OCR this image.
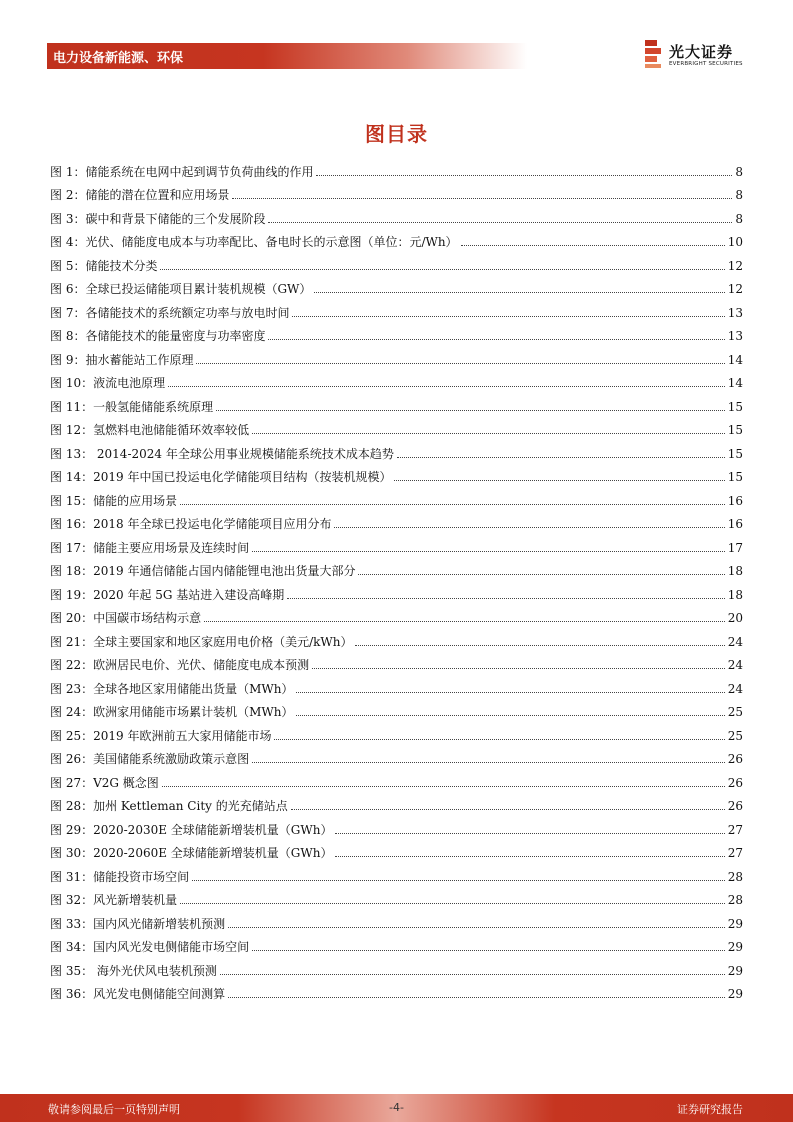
电力设备新能源、环保	光大证券
EVERBRIGHT SECURITIES
图目录
图 1：储能系统在电网中起到调节负荷曲线的作用	8
图 2：储能的潜在位置和应用场景	8
图 3：碳中和背景下储能的三个发展阶段	8
图 4：光伏、储能度电成本与功率配比、备电时长的示意图（单位：元/Wh）	10
图 5：储能技术分类	12
图 6：全球已投运储能项目累计装机规模（GW）	12
图 7：各储能技术的系统额定功率与放电时间	13
图 8：各储能技术的能量密度与功率密度	13
图 9：抽水蓄能站工作原理	14
图 10：液流电池原理	14
图 11：一般氢能储能系统原理	15
图 12：氢燃料电池储能循环效率较低	15
图 13： 2014-2024 年全球公用事业规模储能系统技术成本趋势	15
图 14：2019 年中国已投运电化学储能项目结构（按装机规模）	15
图 15：储能的应用场景	16
图 16：2018 年全球已投运电化学储能项目应用分布	16
图 17：储能主要应用场景及连续时间	17
图 18：2019 年通信储能占国内储能锂电池出货量大部分	18
图 19：2020 年起 5G 基站进入建设高峰期	18
图 20：中国碳市场结构示意	20
图 21：全球主要国家和地区家庭用电价格（美元/kWh）	24
图 22：欧洲居民电价、光伏、储能度电成本预测	24
图 23：全球各地区家用储能出货量（MWh）	24
图 24：欧洲家用储能市场累计装机（MWh）	25
图 25：2019 年欧洲前五大家用储能市场	25
图 26：美国储能系统激励政策示意图	26
图 27：V2G 概念图	26
图 28：加州 Kettleman City 的光充储站点	26
图 29：2020-2030E 全球储能新增装机量（GWh）	27
图 30：2020-2060E 全球储能新增装机量（GWh）	27
图 31：储能投资市场空间	28
图 32：风光新增装机量	28
图 33：国内风光储新增装机预测	29
图 34：国内风光发电侧储能市场空间	29
图 35： 海外光伏风电装机预测	29
图 36：风光发电侧储能空间测算	29
敬请参阅最后一页特别声明	-4-	证券研究报告
